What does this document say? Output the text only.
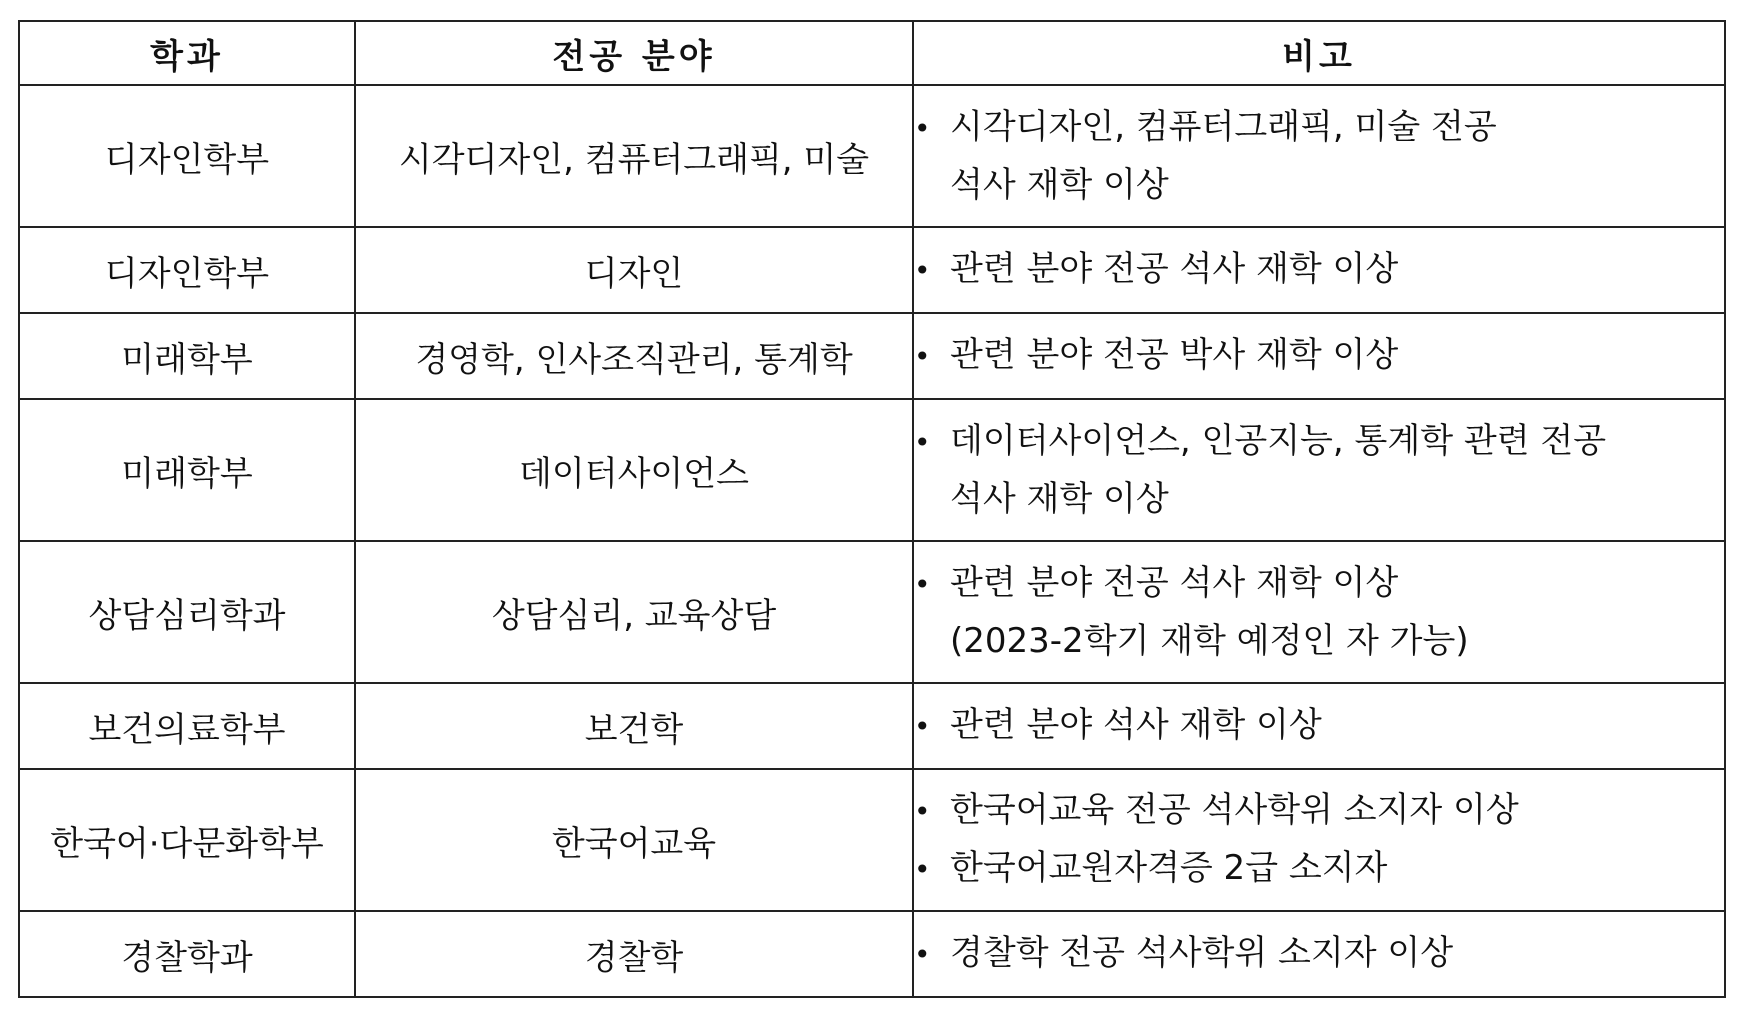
학과	전공 분야	비고
디자인학부	시각디자인, 컴퓨터그래픽, 미술	• 시각디자인, 컴퓨터그래픽, 미술 전공
석사 재학 이상

디자인학부	디자인	• 관련 분야 전공 석사 재학 이상

미래학부	경영학, 인사조직관리, 통계학	• 관련 분야 전공 박사 재학 이상

미래학부	데이터사이언스	• 데이터사이언스, 인공지능, 통계학 관련 전공
석사 재학 이상

상담심리학과	상담심리, 교육상담	• 관련 분야 전공 석사 재학 이상
(2023-2학기 재학 예정인 자 가능)

보건의료학부	보건학	• 관련 분야 석사 재학 이상

한국어·다문화학부	한국어교육	• 한국어교육 전공 석사학위 소지자 이상
• 한국어교원자격증 2급 소지자

경찰학과	경찰학	• 경찰학 전공 석사학위 소지자 이상
